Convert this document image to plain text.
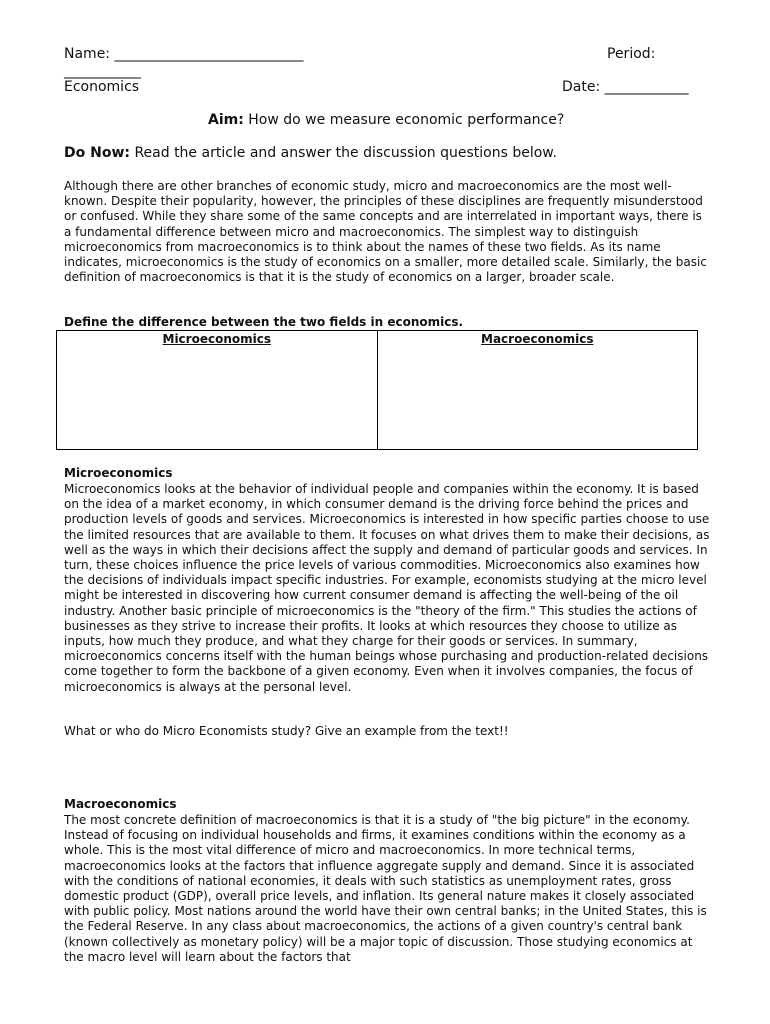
Name: ___________________________	Period:
___________
Economics	Date: ____________
Aim: How do we measure economic performance?
Do Now: Read the article and answer the discussion questions below.
Although there are other branches of economic study, micro and macroeconomics are the most well-known. Despite their popularity, however, the principles of these disciplines are frequently misunderstood or confused. While they share some of the same concepts and are interrelated in important ways, there is a fundamental difference between micro and macroeconomics. The simplest way to distinguish microeconomics from macroeconomics is to think about the names of these two fields. As its name indicates, microeconomics is the study of economics on a smaller, more detailed scale. Similarly, the basic definition of macroeconomics is that it is the study of economics on a larger, broader scale.
Define the difference between the two fields in economics.
Microeconomics	Macroeconomics
Microeconomics
Microeconomics looks at the behavior of individual people and companies within the economy. It is based on the idea of a market economy, in which consumer demand is the driving force behind the prices and production levels of goods and services. Microeconomics is interested in how specific parties choose to use the limited resources that are available to them. It focuses on what drives them to make their decisions, as well as the ways in which their decisions affect the supply and demand of particular goods and services. In turn, these choices influence the price levels of various commodities. Microeconomics also examines how the decisions of individuals impact specific industries. For example, economists studying at the micro level might be interested in discovering how current consumer demand is affecting the well-being of the oil industry. Another basic principle of microeconomics is the "theory of the firm." This studies the actions of businesses as they strive to increase their profits. It looks at which resources they choose to utilize as inputs, how much they produce, and what they charge for their goods or services. In summary, microeconomics concerns itself with the human beings whose purchasing and production-related decisions come together to form the backbone of a given economy. Even when it involves companies, the focus of microeconomics is always at the personal level.
What or who do Micro Economists study? Give an example from the text!!
Macroeconomics
The most concrete definition of macroeconomics is that it is a study of "the big picture" in the economy. Instead of focusing on individual households and firms, it examines conditions within the economy as a whole. This is the most vital difference of micro and macroeconomics. In more technical terms, macroeconomics looks at the factors that influence aggregate supply and demand. Since it is associated with the conditions of national economies, it deals with such statistics as unemployment rates, gross domestic product (GDP), overall price levels, and inflation. Its general nature makes it closely associated with public policy. Most nations around the world have their own central banks; in the United States, this is the Federal Reserve. In any class about macroeconomics, the actions of a given country's central bank (known collectively as monetary policy) will be a major topic of discussion. Those studying economics at the macro level will learn about the factors that
